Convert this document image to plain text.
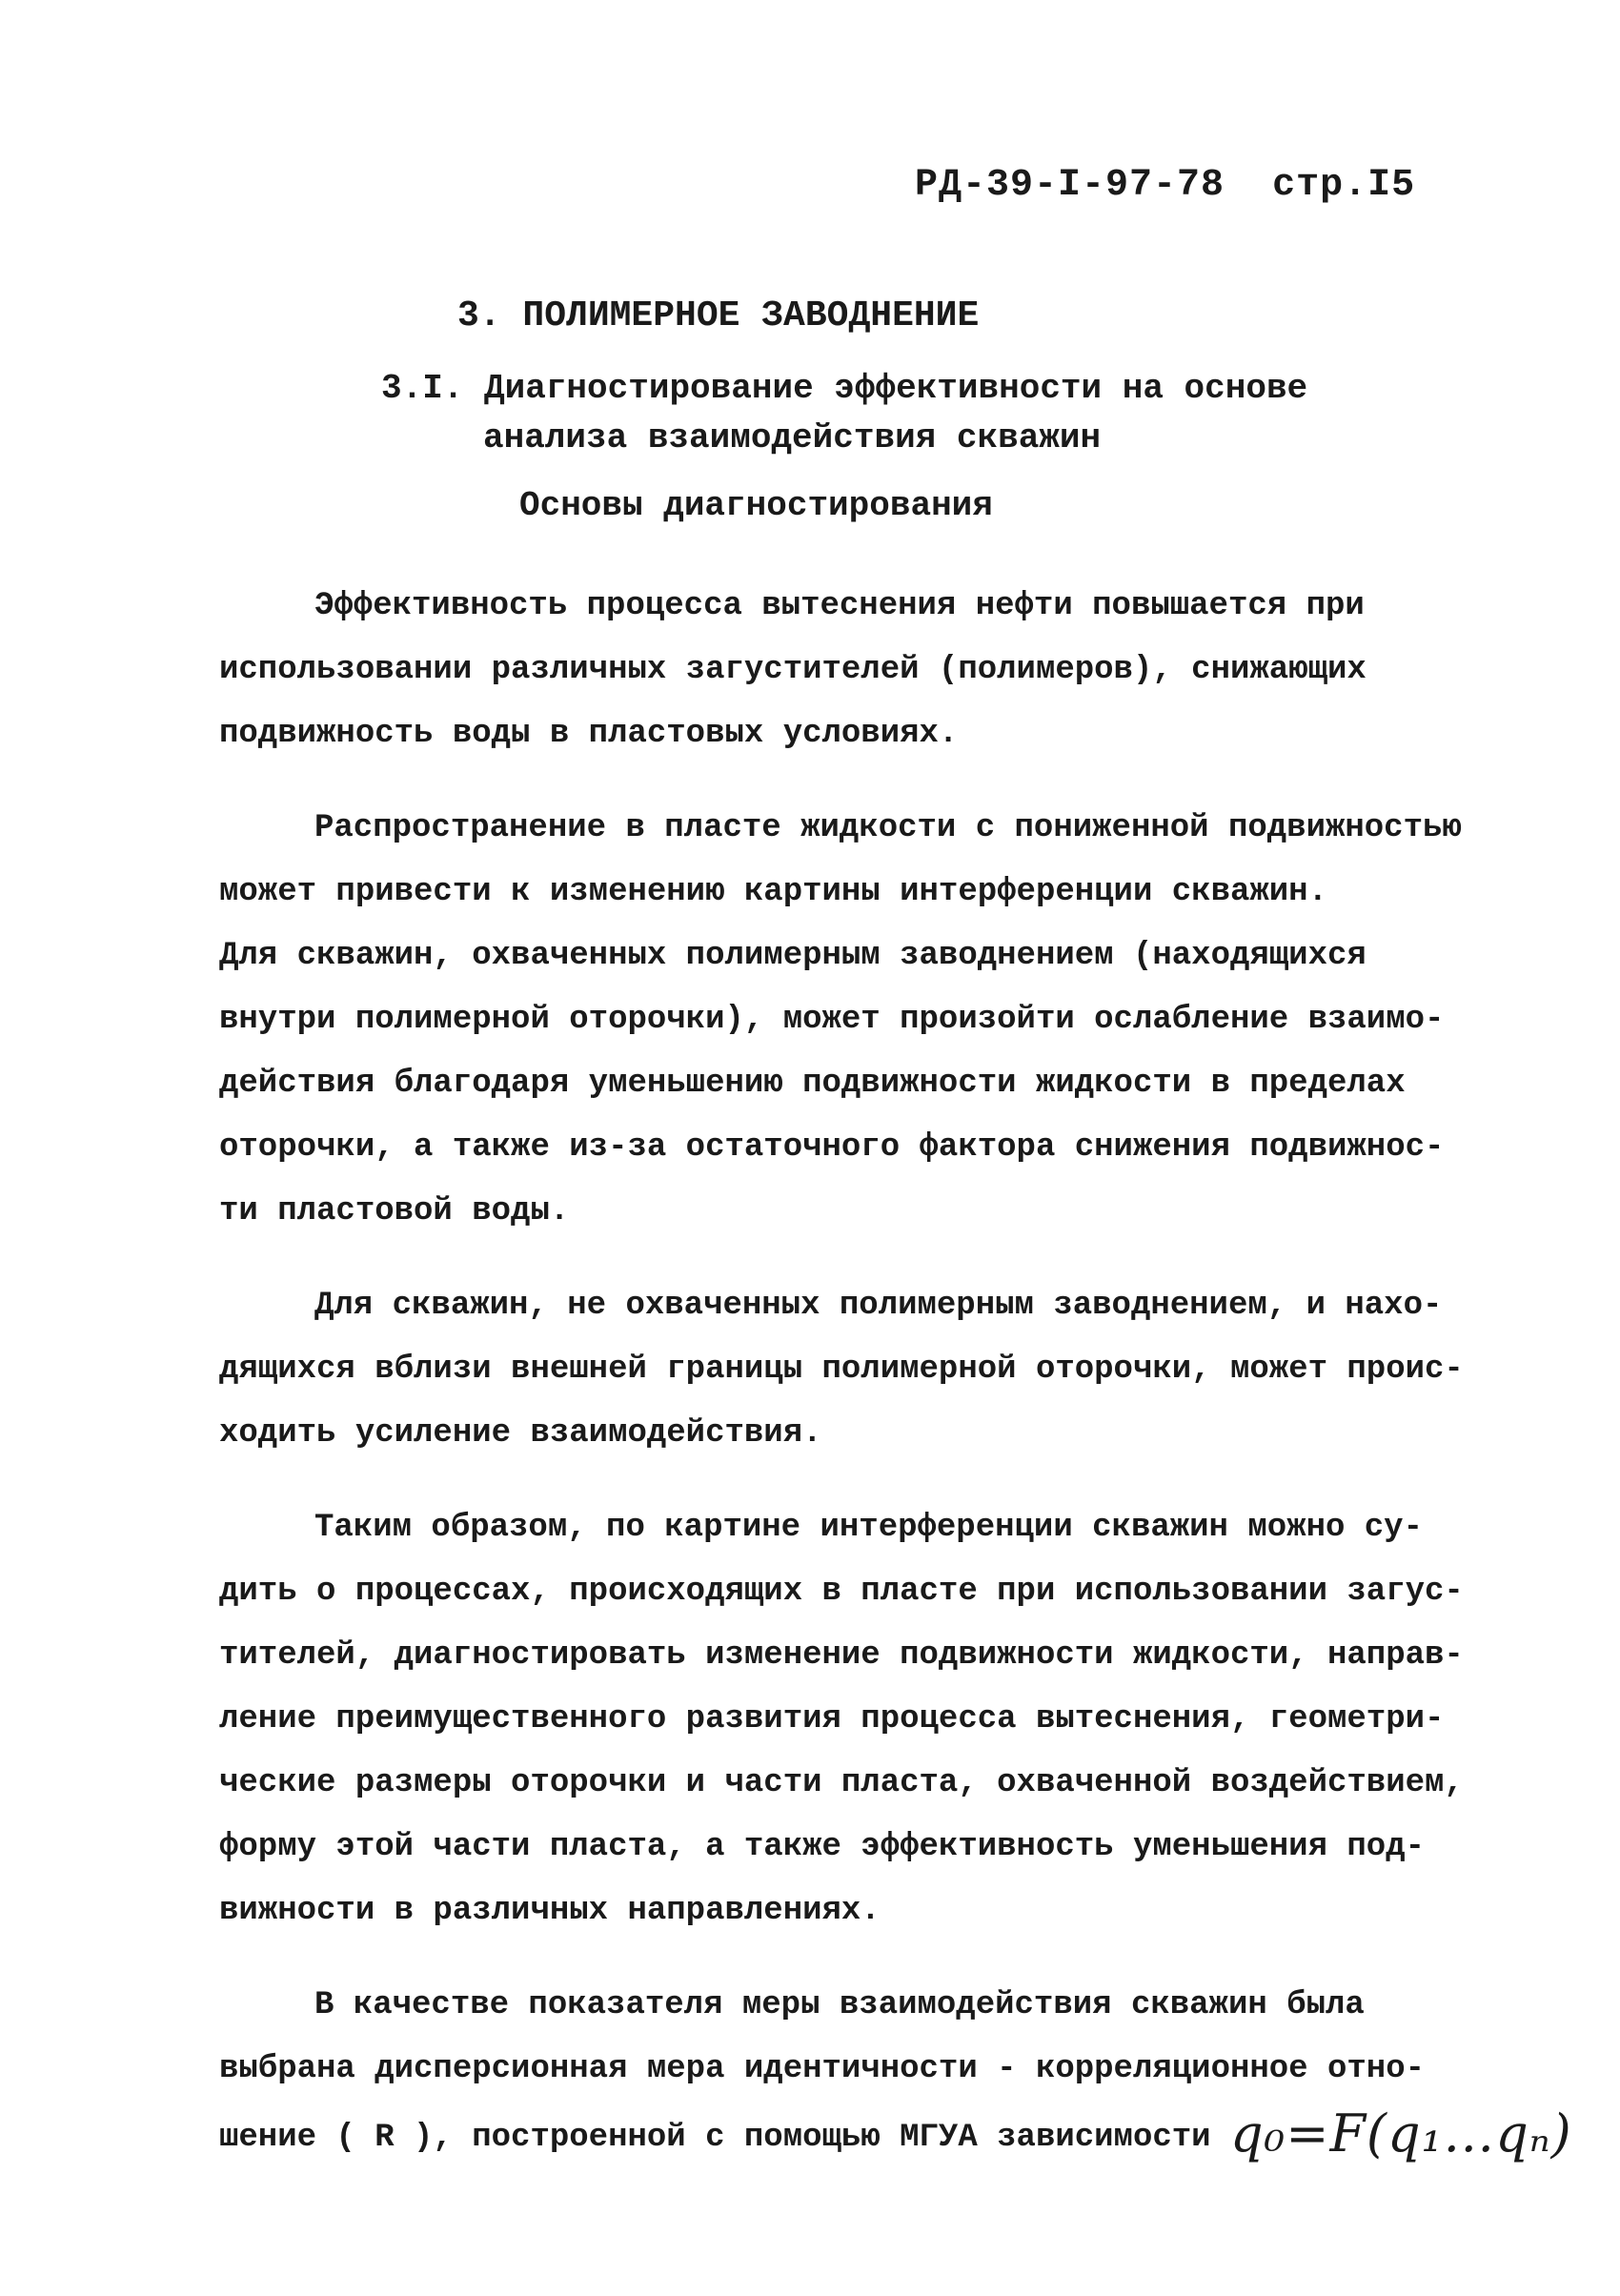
РД-39-I-97-78 стр.I5
3. ПОЛИМЕРНОЕ ЗАВОДНЕНИЕ
3.I. Диагностирование эффективности на основе
анализа взаимодействия скважин
Основы диагностирования
Эффективность процесса вытеснения нефти повышается при
использовании различных загустителей (полимеров), снижающих
подвижность воды в пластовых условиях.
Распространение в пласте жидкости с пониженной подвижностью
может привести к изменению картины интерференции скважин.
Для скважин, охваченных полимерным заводнением (находящихся
внутри полимерной оторочки), может произойти ослабление взаимо-
действия благодаря уменьшению подвижности жидкости в пределах
оторочки, а также из-за остаточного фактора снижения подвижнос-
ти пластовой воды.
Для скважин, не охваченных полимерным заводнением, и нахо-
дящихся вблизи внешней границы полимерной оторочки, может проис-
ходить усиление взаимодействия.
Таким образом, по картине интерференции скважин можно су-
дить о процессах, происходящих в пласте при использовании загус-
тителей, диагностировать изменение подвижности жидкости, направ-
ление преимущественного развития процесса вытеснения, геометри-
ческие размеры оторочки и части пласта, охваченной воздействием,
форму этой части пласта, а также эффективность уменьшения под-
вижности в различных направлениях.
В качестве показателя меры взаимодействия скважин была
выбрана дисперсионная мера идентичности - корреляционное отно-
шение ( R ), построенной с помощью МГУА зависимости q₀=F(q₁…qₙ)
